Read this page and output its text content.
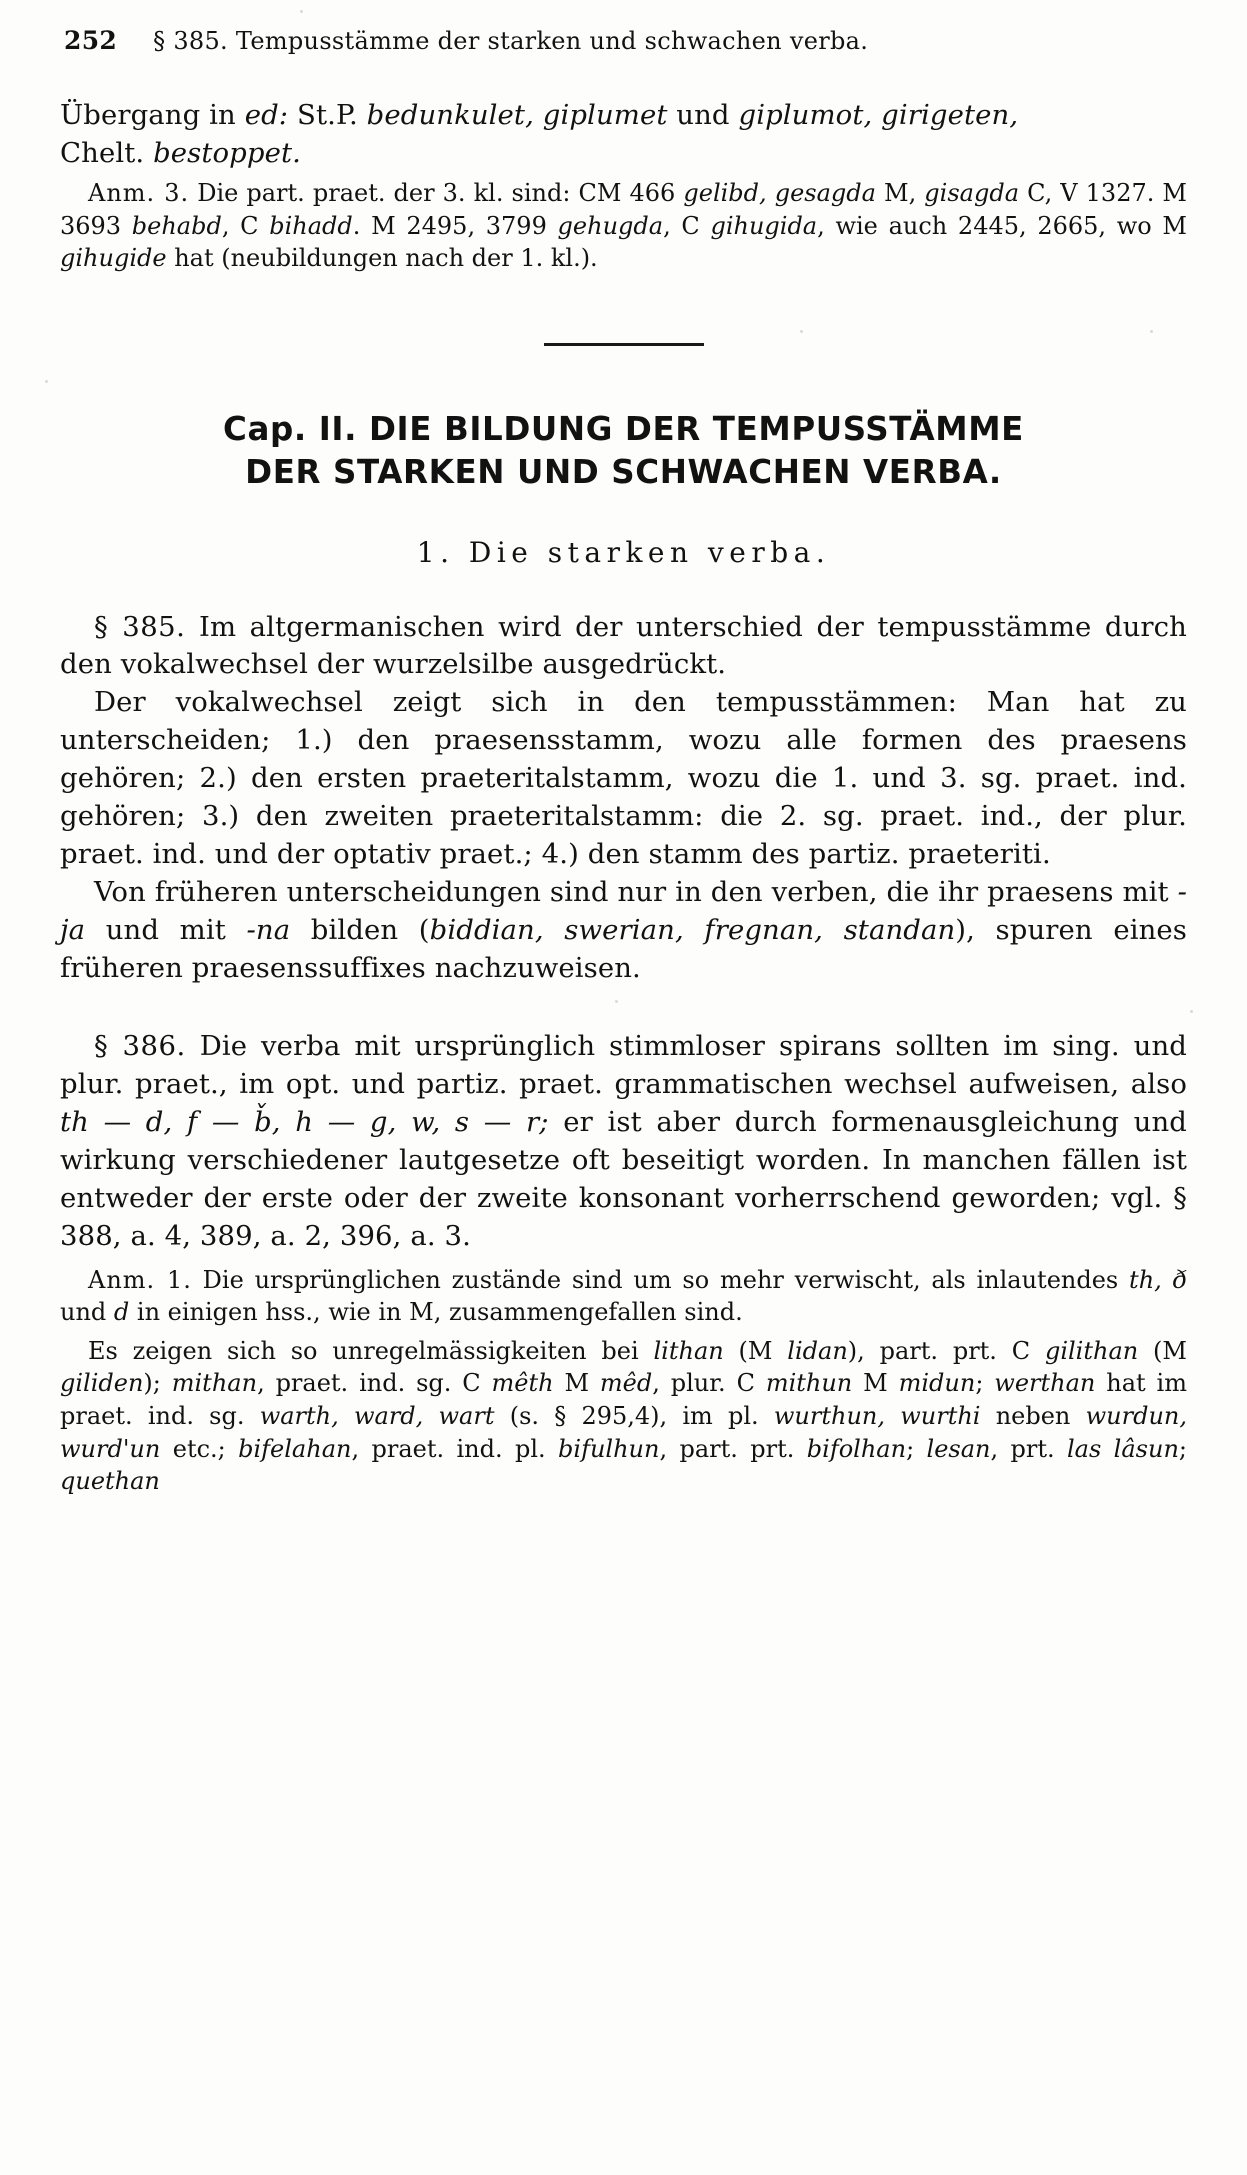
252 § 385. Tempusstämme der starken und schwachen verba.

Übergang in ed: St.P. bedunkulet, giplumet und giplumot, girigeten,
Chelt. bestoppet.

Anm. 3. Die part. praet. der 3. kl. sind: CM 466 gelibd, gesagda M, gisagda C, V 1327. M 3693 behabd, C bihadd. M 2495, 3799 gehugda, C gihugida, wie auch 2445, 2665, wo M gihugide hat (neubildungen nach der 1. kl.).

Cap. II. DIE BILDUNG DER TEMPUSSTÄMME
DER STARKEN UND SCHWACHEN VERBA.
1. Die starken verba.

§ 385. Im altgermanischen wird der unterschied der tempusstämme durch den vokalwechsel der wurzelsilbe ausgedrückt.

Der vokalwechsel zeigt sich in den tempusstämmen: Man hat zu unterscheiden; 1.) den praesensstamm, wozu alle formen des praesens gehören; 2.) den ersten praeteritalstamm, wozu die 1. und 3. sg. praet. ind. gehören; 3.) den zweiten praeteritalstamm: die 2. sg. praet. ind., der plur. praet. ind. und der optativ praet.; 4.) den stamm des partiz. praeteriti.

Von früheren unterscheidungen sind nur in den verben, die ihr praesens mit -ja und mit -na bilden (biddian, swerian, fregnan, standan), spuren eines früheren praesenssuffixes nachzuweisen.

§ 386. Die verba mit ursprünglich stimmloser spirans sollten im sing. und plur. praet., im opt. und partiz. praet. grammatischen wechsel aufweisen, also th — d, f — b̌, h — g, w, s — r; er ist aber durch formenausgleichung und wirkung verschiedener lautgesetze oft beseitigt worden. In manchen fällen ist entweder der erste oder der zweite konsonant vorherrschend geworden; vgl. § 388, a. 4, 389, a. 2, 396, a. 3.

Anm. 1. Die ursprünglichen zustände sind um so mehr verwischt, als inlautendes th, ð und d in einigen hss., wie in M, zusammengefallen sind.

Es zeigen sich so unregelmässigkeiten bei lithan (M lidan), part. prt. C gilithan (M giliden); mithan, praet. ind. sg. C mêth M mêd, plur. C mithun M midun; werthan hat im praet. ind. sg. warth, ward, wart (s. § 295,4), im pl. wurthun, wurthi neben wurdun, wurd'un etc.; bifelahan, praet. ind. pl. bifulhun, part. prt. bifolhan; lesan, prt. las lâsun; quethan
